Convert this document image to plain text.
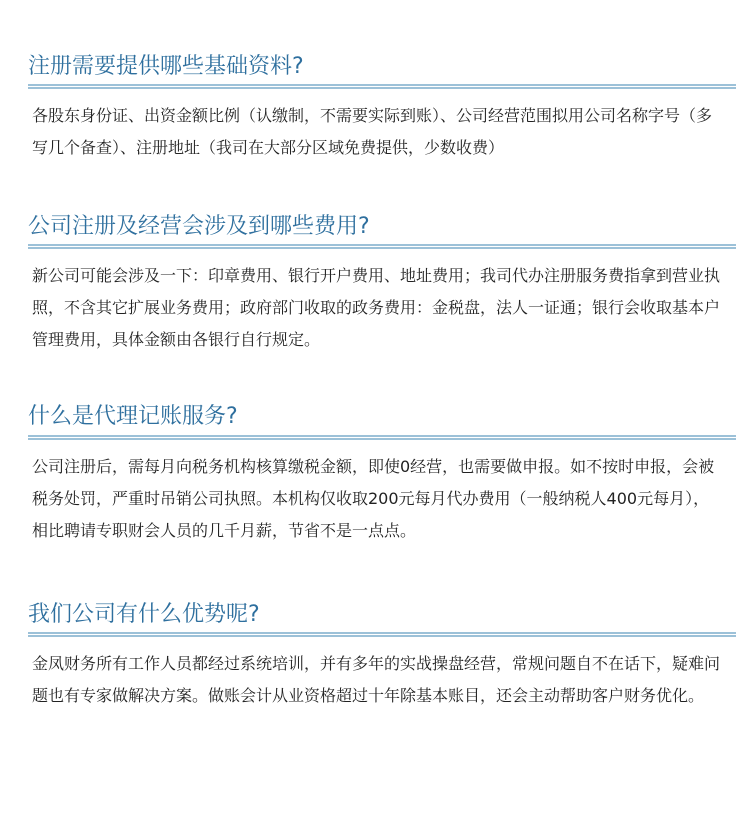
注册需要提供哪些基础资料?
各股东身份证、出资金额比例（认缴制，不需要实际到账）、公司经营范围拟用公司名称字号（多写几个备查）、注册地址（我司在大部分区域免费提供，少数收费）
公司注册及经营会涉及到哪些费用?
新公司可能会涉及一下：印章费用、银行开户费用、地址费用；我司代办注册服务费指拿到营业执照，不含其它扩展业务费用；政府部门收取的政务费用：金税盘，法人一证通；银行会收取基本户管理费用，具体金额由各银行自行规定。
什么是代理记账服务?
公司注册后，需每月向税务机构核算缴税金额，即使0经营，也需要做申报。如不按时申报，会被税务处罚，严重时吊销公司执照。本机构仅收取200元每月代办费用（一般纳税人400元每月），相比聘请专职财会人员的几千月薪，节省不是一点点。
我们公司有什么优势呢?
金凤财务所有工作人员都经过系统培训，并有多年的实战操盘经营，常规问题自不在话下，疑难问题也有专家做解决方案。做账会计从业资格超过十年除基本账目，还会主动帮助客户财务优化。
